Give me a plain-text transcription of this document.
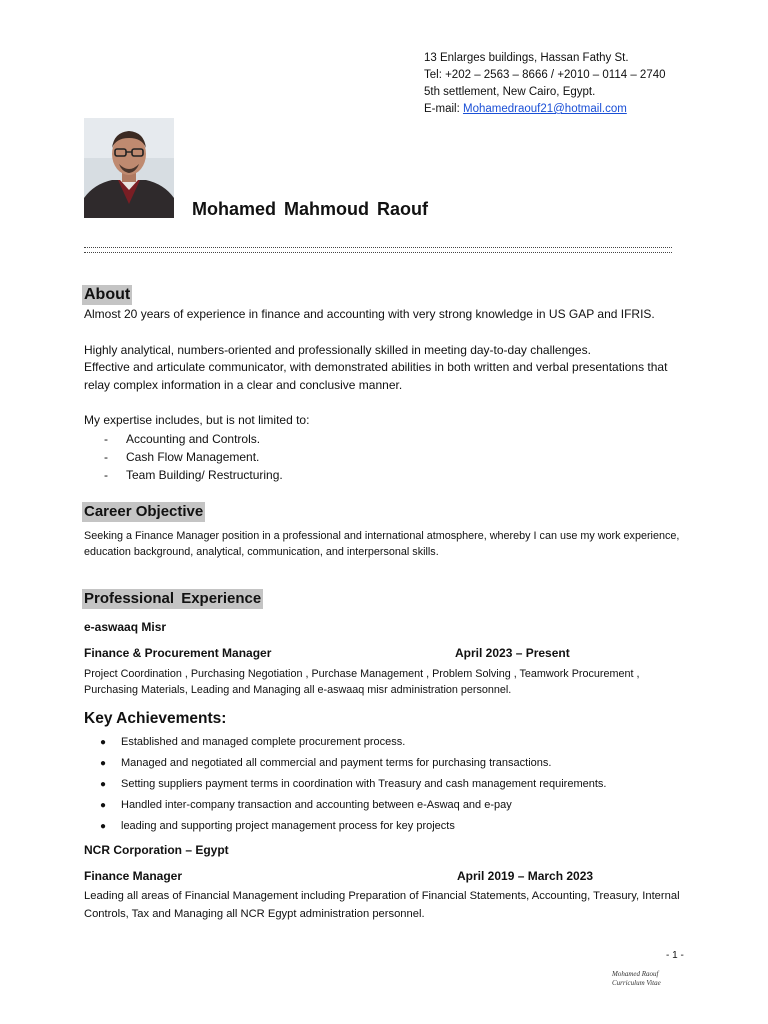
13 Enlarges buildings, Hassan Fathy St.
Tel: +202 – 2563 – 8666 / +2010 – 0114 – 2740
5th settlement, New Cairo, Egypt.
E-mail: Mohamedraouf21@hotmail.com
Mohamed Mahmoud Raouf
About
Almost 20 years of experience in finance and accounting with very strong knowledge in US GAP and IFRIS.
Highly analytical, numbers-oriented and professionally skilled in meeting day-to-day challenges.
Effective and articulate communicator, with demonstrated abilities in both written and verbal presentations that relay complex information in a clear and conclusive manner.
My expertise includes, but is not limited to:
- Accounting and Controls.
- Cash Flow Management.
- Team Building/ Restructuring.
Career Objective
Seeking a Finance Manager position in a professional and international atmosphere, whereby I can use my work experience, education background, analytical, communication, and interpersonal skills.
Professional Experience
e-aswaaq Misr
Finance & Procurement Manager	April 2023 – Present
Project Coordination , Purchasing Negotiation , Purchase Management , Problem Solving , Teamwork Procurement , Purchasing Materials, Leading and Managing all e-aswaaq misr administration personnel.
Key Achievements:
● Established and managed complete procurement process.
● Managed and negotiated all commercial and payment terms for purchasing transactions.
● Setting suppliers payment terms in coordination with Treasury and cash management requirements.
● Handled inter-company transaction and accounting between e-Aswaq and e-pay
● leading and supporting project management process for key projects
NCR Corporation – Egypt
Finance Manager	April 2019 – March 2023
Leading all areas of Financial Management including Preparation of Financial Statements, Accounting, Treasury, Internal Controls, Tax and Managing all NCR Egypt administration personnel.
- 1 -
Mohamed Raouf
Curriculum Vitae
